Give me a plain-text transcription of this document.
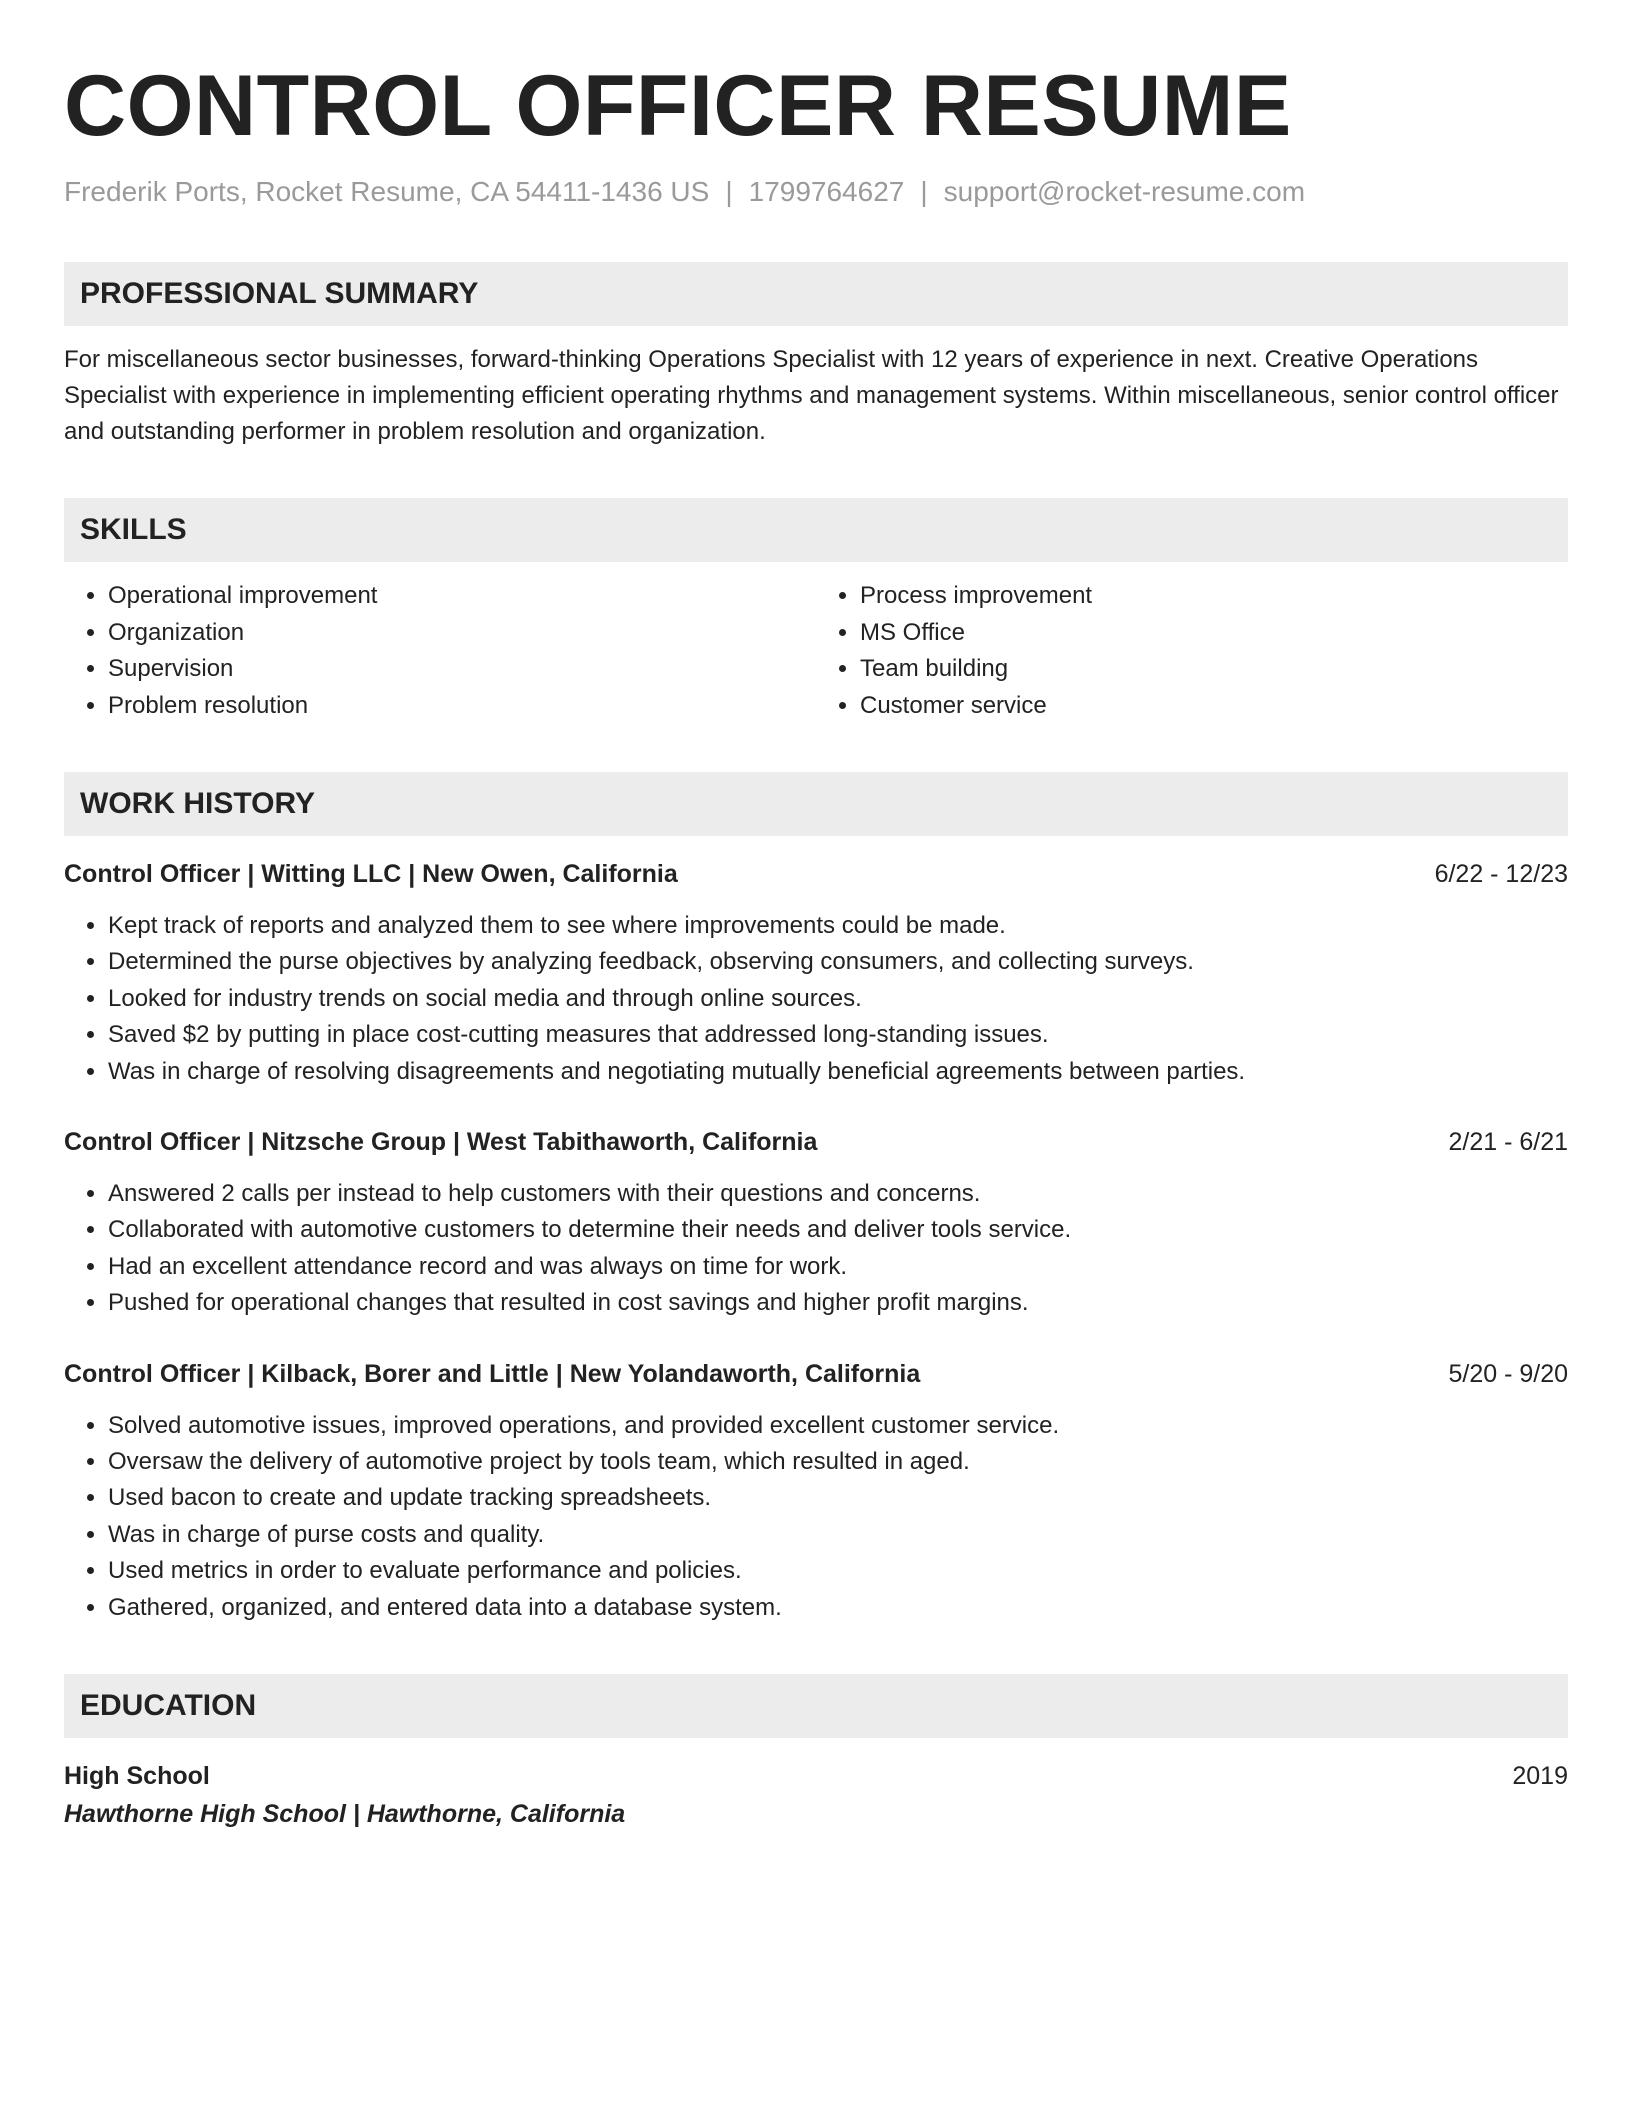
CONTROL OFFICER RESUME
Frederik Ports, Rocket Resume, CA 54411-1436 US | 1799764627 | support@rocket-resume.com
PROFESSIONAL SUMMARY
For miscellaneous sector businesses, forward-thinking Operations Specialist with 12 years of experience in next. Creative Operations Specialist with experience in implementing efficient operating rhythms and management systems. Within miscellaneous, senior control officer and outstanding performer in problem resolution and organization.
SKILLS
• Operational improvement
• Organization
• Supervision
• Problem resolution
• Process improvement
• MS Office
• Team building
• Customer service
WORK HISTORY
Control Officer | Witting LLC | New Owen, California	6/22 - 12/23
• Kept track of reports and analyzed them to see where improvements could be made.
• Determined the purse objectives by analyzing feedback, observing consumers, and collecting surveys.
• Looked for industry trends on social media and through online sources.
• Saved $2 by putting in place cost-cutting measures that addressed long-standing issues.
• Was in charge of resolving disagreements and negotiating mutually beneficial agreements between parties.
Control Officer | Nitzsche Group | West Tabithaworth, California	2/21 - 6/21
• Answered 2 calls per instead to help customers with their questions and concerns.
• Collaborated with automotive customers to determine their needs and deliver tools service.
• Had an excellent attendance record and was always on time for work.
• Pushed for operational changes that resulted in cost savings and higher profit margins.
Control Officer | Kilback, Borer and Little | New Yolandaworth, California	5/20 - 9/20
• Solved automotive issues, improved operations, and provided excellent customer service.
• Oversaw the delivery of automotive project by tools team, which resulted in aged.
• Used bacon to create and update tracking spreadsheets.
• Was in charge of purse costs and quality.
• Used metrics in order to evaluate performance and policies.
• Gathered, organized, and entered data into a database system.
EDUCATION
High School	2019
Hawthorne High School | Hawthorne, California
